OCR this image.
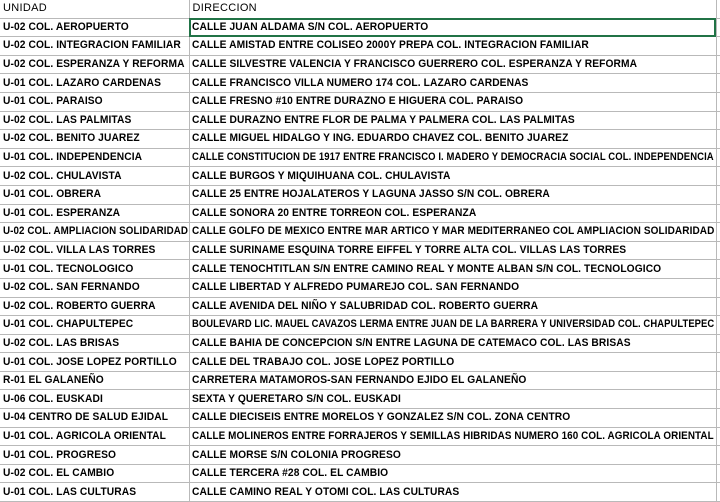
UNIDAD	DIRECCION	
U-02 COL. AEROPUERTO	CALLE JUAN ALDAMA S/N COL. AEROPUERTO	
U-02 COL. INTEGRACION FAMILIAR	CALLE AMISTAD ENTRE COLISEO 2000Y PREPA COL. INTEGRACION FAMILIAR	
U-02 COL. ESPERANZA Y REFORMA	CALLE SILVESTRE VALENCIA Y FRANCISCO GUERRERO COL. ESPERANZA Y REFORMA	
U-01 COL. LAZARO CARDENAS	CALLE FRANCISCO VILLA NUMERO 174 COL. LAZARO CARDENAS	
U-01 COL. PARAISO	CALLE FRESNO #10 ENTRE DURAZNO E HIGUERA COL. PARAISO	
U-02 COL. LAS PALMITAS	CALLE DURAZNO ENTRE FLOR DE PALMA Y PALMERA COL. LAS PALMITAS	
U-02 COL. BENITO JUAREZ	CALLE MIGUEL HIDALGO Y ING. EDUARDO CHAVEZ COL. BENITO JUAREZ	
U-01 COL. INDEPENDENCIA	CALLE CONSTITUCION DE 1917 ENTRE FRANCISCO I. MADERO Y DEMOCRACIA SOCIAL COL. INDEPENDENCIA	
U-02 COL. CHULAVISTA	CALLE BURGOS Y MIQUIHUANA COL. CHULAVISTA	
U-01 COL. OBRERA	CALLE 25 ENTRE HOJALATEROS Y LAGUNA JASSO S/N COL. OBRERA	
U-01 COL. ESPERANZA	CALLE SONORA 20 ENTRE TORREON COL. ESPERANZA	
U-02 COL. AMPLIACION SOLIDARIDAD	CALLE GOLFO DE MEXICO ENTRE MAR ARTICO Y MAR MEDITERRANEO COL AMPLIACION SOLIDARIDAD	
U-02 COL. VILLA LAS TORRES	CALLE SURINAME ESQUINA TORRE EIFFEL Y TORRE ALTA COL. VILLAS LAS TORRES	
U-01 COL. TECNOLOGICO	CALLE TENOCHTITLAN S/N ENTRE CAMINO REAL Y MONTE ALBAN S/N COL. TECNOLOGICO	
U-02 COL. SAN FERNANDO	CALLE LIBERTAD Y ALFREDO PUMAREJO COL. SAN FERNANDO	
U-02 COL. ROBERTO GUERRA	CALLE AVENIDA DEL NIÑO Y SALUBRIDAD COL. ROBERTO GUERRA	
U-01 COL. CHAPULTEPEC	BOULEVARD LIC. MAUEL CAVAZOS LERMA ENTRE JUAN DE LA BARRERA Y UNIVERSIDAD COL. CHAPULTEPEC	
U-02 COL. LAS BRISAS	CALLE BAHIA DE CONCEPCION S/N ENTRE LAGUNA DE CATEMACO COL. LAS BRISAS	
U-01 COL. JOSE LOPEZ PORTILLO	CALLE DEL TRABAJO COL. JOSE LOPEZ PORTILLO	
R-01 EL GALANEÑO	CARRETERA MATAMOROS-SAN FERNANDO EJIDO EL GALANEÑO	
U-06 COL. EUSKADI	SEXTA Y QUERETARO S/N COL. EUSKADI	
U-04 CENTRO DE SALUD EJIDAL	CALLE DIECISEIS ENTRE MORELOS Y GONZALEZ S/N COL. ZONA CENTRO	
U-01 COL. AGRICOLA ORIENTAL	CALLE MOLINEROS ENTRE FORRAJEROS Y SEMILLAS HIBRIDAS NUMERO 160 COL. AGRICOLA ORIENTAL	
U-01 COL. PROGRESO	CALLE MORSE S/N COLONIA PROGRESO	
U-02 COL. EL CAMBIO	CALLE TERCERA #28 COL. EL CAMBIO	
U-01 COL. LAS CULTURAS	CALLE CAMINO REAL Y OTOMI COL. LAS CULTURAS	
